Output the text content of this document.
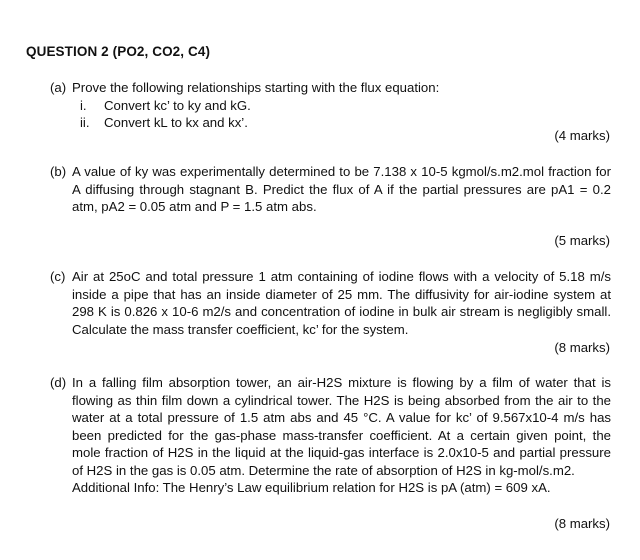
QUESTION 2 (PO2, CO2, C4)
(a) Prove the following relationships starting with the flux equation:
i.	Convert kc’ to ky and kG.
ii.	Convert kL to kx and kx’.
(4 marks)
(b) A value of ky was experimentally determined to be 7.138 x 10-5 kgmol/s.m2.mol fraction for A diffusing through stagnant B. Predict the flux of A if the partial pressures are pA1 = 0.2 atm, pA2 = 0.05 atm and P = 1.5 atm abs.
(5 marks)
(c) Air at 25oC and total pressure 1 atm containing of iodine flows with a velocity of 5.18 m/s inside a pipe that has an inside diameter of 25 mm. The diffusivity for air-iodine system at 298 K is 0.826 x 10-6 m2/s and concentration of iodine in bulk air stream is negligibly small. Calculate the mass transfer coefficient, kc’ for the system.
(8 marks)
(d) In a falling film absorption tower, an air-H2S mixture is flowing by a film of water that is flowing as thin film down a cylindrical tower. The H2S is being absorbed from the air to the water at a total pressure of 1.5 atm abs and 45 °C. A value for kc’ of 9.567x10-4 m/s has been predicted for the gas-phase mass-transfer coefficient. At a certain given point, the mole fraction of H2S in the liquid at the liquid-gas interface is 2.0x10-5 and partial pressure of H2S in the gas is 0.05 atm. Determine the rate of absorption of H2S in kg-mol/s.m2.
Additional Info: The Henry’s Law equilibrium relation for H2S is pA (atm) = 609 xA.
(8 marks)
